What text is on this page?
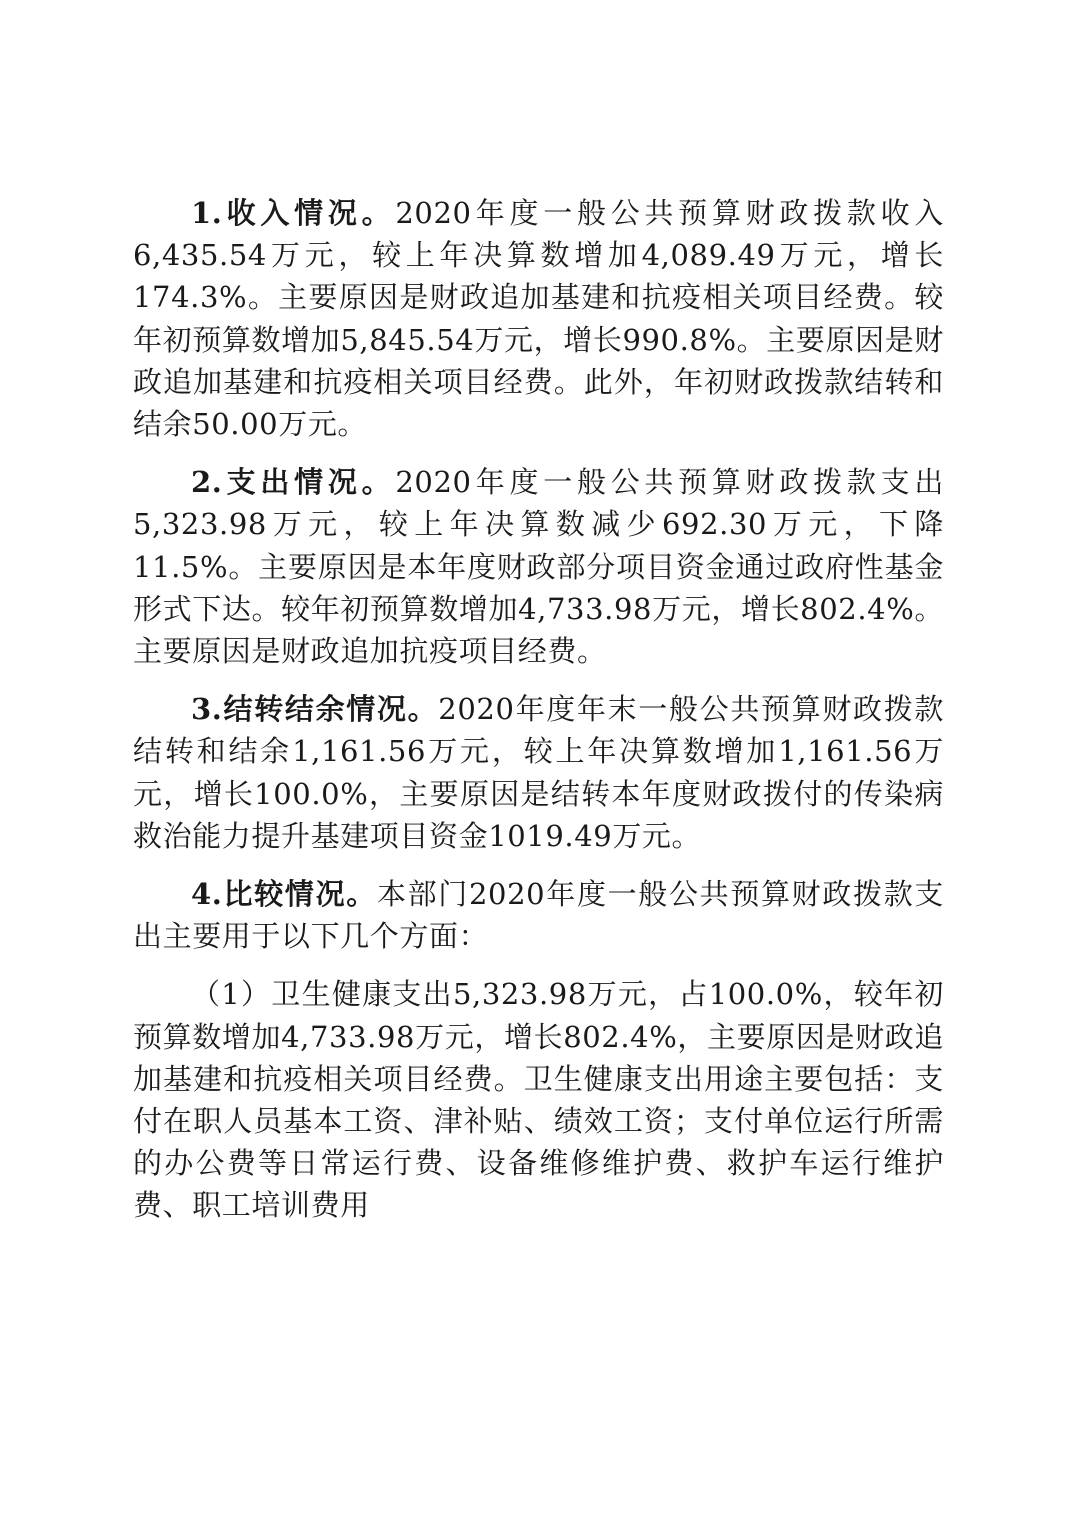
1.收入情况。2020年度一般公共预算财政拨款收入6,435.54万元，较上年决算数增加4,089.49万元，增长174.3%。主要原因是财政追加基建和抗疫相关项目经费。较年初预算数增加5,845.54万元，增长990.8%。主要原因是财政追加基建和抗疫相关项目经费。此外，年初财政拨款结转和结余50.00万元。

2.支出情况。2020年度一般公共预算财政拨款支出5,323.98万元，较上年决算数减少692.30万元，下降11.5%。主要原因是本年度财政部分项目资金通过政府性基金形式下达。较年初预算数增加4,733.98万元，增长802.4%。主要原因是财政追加抗疫项目经费。

3.结转结余情况。2020年度年末一般公共预算财政拨款结转和结余1,161.56万元，较上年决算数增加1,161.56万元，增长100.0%，主要原因是结转本年度财政拨付的传染病救治能力提升基建项目资金1019.49万元。

4.比较情况。本部门2020年度一般公共预算财政拨款支出主要用于以下几个方面：

（1）卫生健康支出5,323.98万元，占100.0%，较年初预算数增加4,733.98万元，增长802.4%，主要原因是财政追加基建和抗疫相关项目经费。卫生健康支出用途主要包括：支付在职人员基本工资、津补贴、绩效工资；支付单位运行所需的办公费等日常运行费、设备维修维护费、救护车运行维护费、职工培训费用
